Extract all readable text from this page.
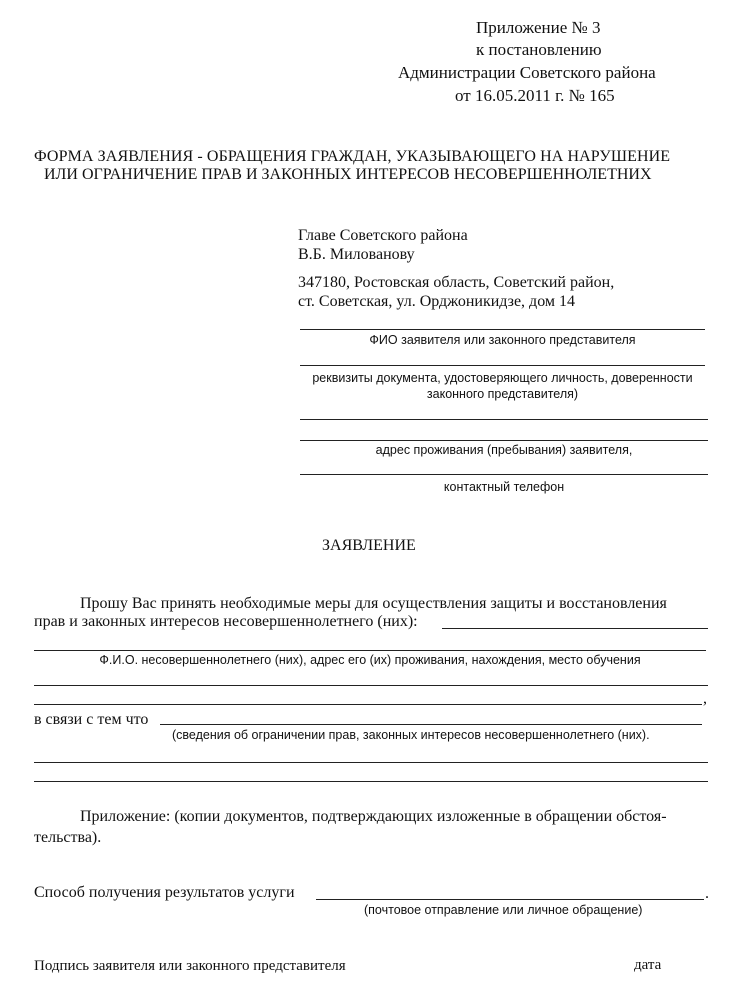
Приложение № 3
к постановлению
Администрации Советского района
от 16.05.2011 г. № 165
ФОРМА ЗАЯВЛЕНИЯ - ОБРАЩЕНИЯ ГРАЖДАН, УКАЗЫВАЮЩЕГО НА НАРУШЕНИЕ
ИЛИ ОГРАНИЧЕНИЕ ПРАВ И ЗАКОННЫХ ИНТЕРЕСОВ НЕСОВЕРШЕННОЛЕТНИХ
Главе Советского района
В.Б. Милованову
347180, Ростовская область, Советский район,
ст. Советская, ул. Орджоникидзе, дом 14
ФИО заявителя или законного представителя
реквизиты документа, удостоверяющего личность, доверенности
законного представителя)
адрес проживания (пребывания) заявителя,
контактный телефон
ЗАЯВЛЕНИЕ
Прошу Вас принять необходимые меры для осуществления защиты и восстановления
прав и законных интересов несовершеннолетнего (них):
Ф.И.О. несовершеннолетнего (них), адрес его (их) проживания, нахождения, место обучения
,
в связи с тем что
(сведения об ограничении прав, законных интересов несовершеннолетнего (них).
Приложение: (копии документов, подтверждающих изложенные в обращении обстоя-
тельства).
Способ получения результатов услуги	.
(почтовое отправление или личное обращение)
Подпись заявителя или законного представителя	дата
